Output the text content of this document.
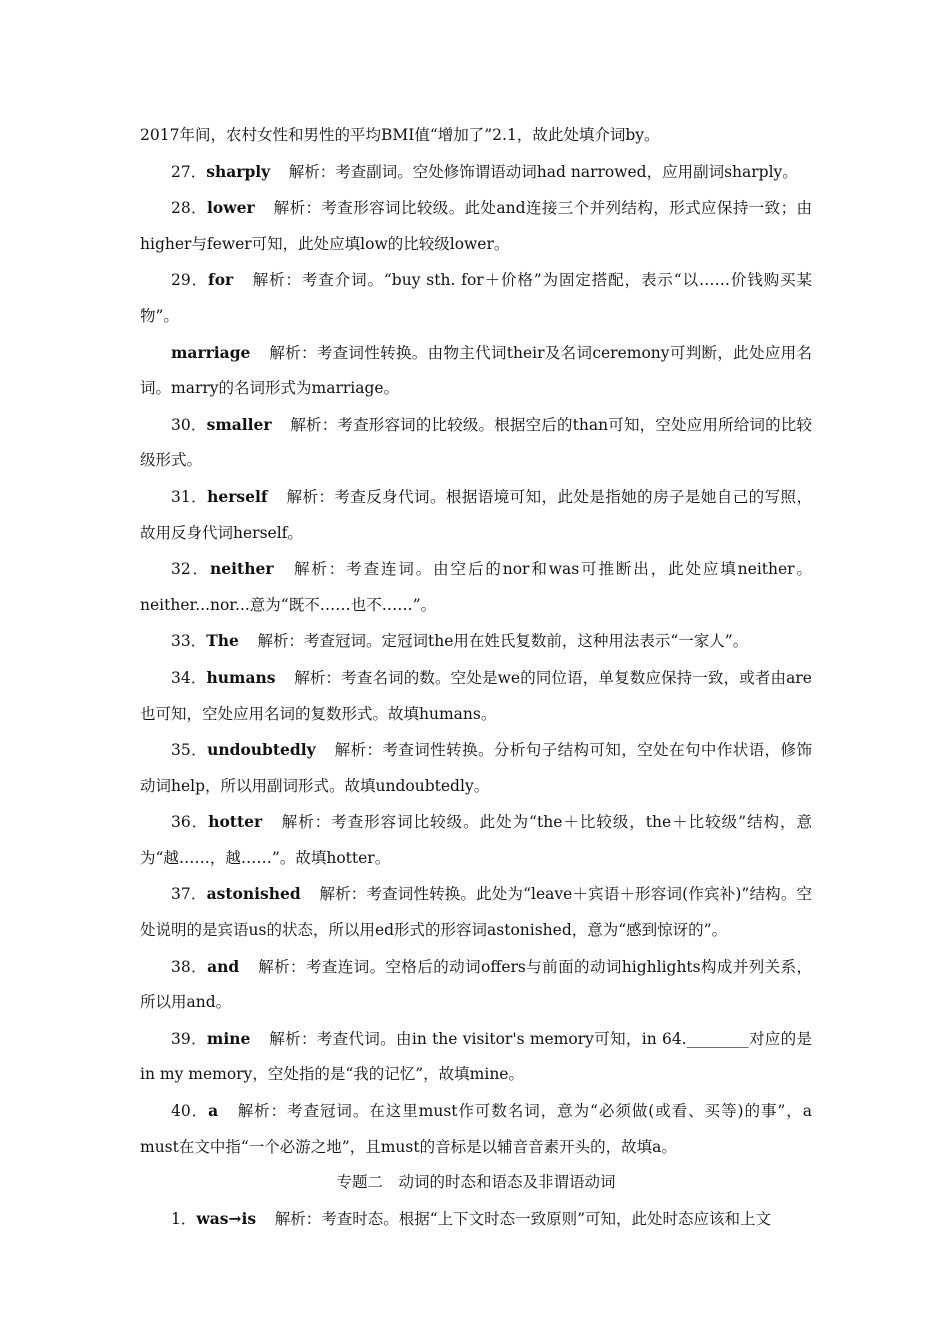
2017年间，农村女性和男性的平均BMI值“增加了”2.1，故此处填介词by。

27．sharply 解析：考查副词。空处修饰谓语动词had narrowed，应用副词sharply。

28．lower 解析：考查形容词比较级。此处and连接三个并列结构，形式应保持一致；由higher与fewer可知，此处应填low的比较级lower。

29．for 解析：考查介词。“buy sth. for＋价格”为固定搭配，表示“以……价钱购买某物”。

marriage 解析：考查词性转换。由物主代词their及名词ceremony可判断，此处应用名词。marry的名词形式为marriage。

30．smaller 解析：考查形容词的比较级。根据空后的than可知，空处应用所给词的比较级形式。

31．herself 解析：考查反身代词。根据语境可知，此处是指她的房子是她自己的写照，故用反身代词herself。

32．neither 解析：考查连词。由空后的nor和was可推断出，此处应填neither。neither...nor...意为“既不……也不……”。

33．The 解析：考查冠词。定冠词the用在姓氏复数前，这种用法表示“一家人”。

34．humans 解析：考查名词的数。空处是we的同位语，单复数应保持一致，或者由are也可知，空处应用名词的复数形式。故填humans。

35．undoubtedly 解析：考查词性转换。分析句子结构可知，空处在句中作状语，修饰动词help，所以用副词形式。故填undoubtedly。

36．hotter 解析：考查形容词比较级。此处为“the＋比较级，the＋比较级”结构，意为“越……，越……”。故填hotter。

37．astonished 解析：考查词性转换。此处为“leave＋宾语＋形容词(作宾补)”结构。空处说明的是宾语us的状态，所以用ed形式的形容词astonished，意为“感到惊讶的”。

38．and 解析：考查连词。空格后的动词offers与前面的动词highlights构成并列关系，所以用and。

39．mine 解析：考查代词。由in the visitor's memory可知，in 64.________对应的是in my memory，空处指的是“我的记忆”，故填mine。

40．a 解析：考查冠词。在这里must作可数名词，意为“必须做(或看、买等)的事”，a must在文中指“一个必游之地”，且must的音标是以辅音音素开头的，故填a。

专题二　动词的时态和语态及非谓语动词

1．was→is 解析：考查时态。根据“上下文时态一致原则”可知，此处时态应该和上文
